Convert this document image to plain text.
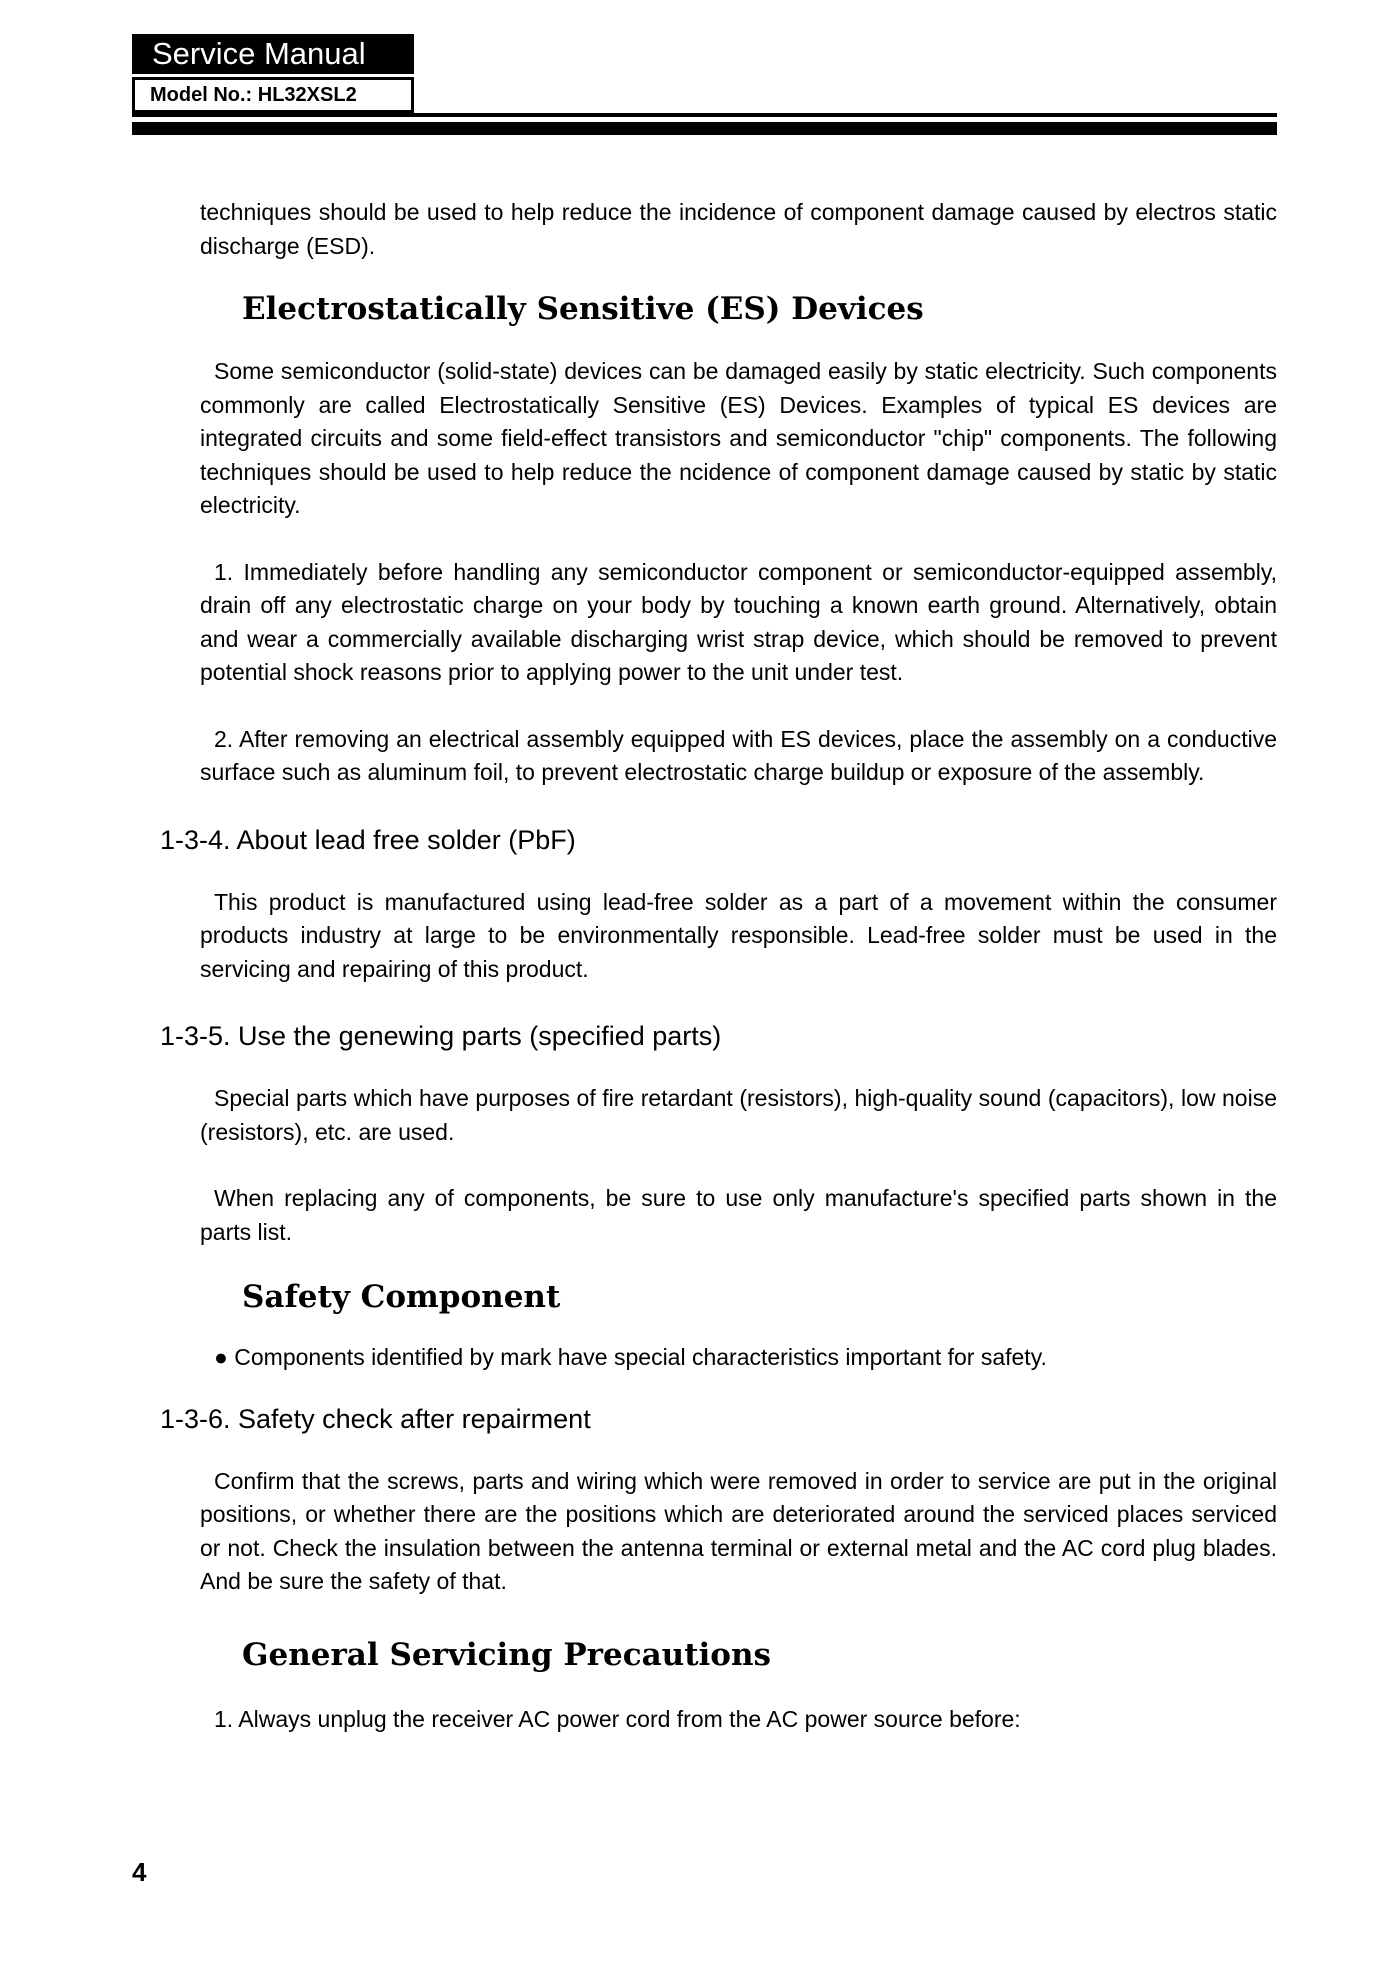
Service Manual
Model No.: HL32XSL2

techniques should be used to help reduce the incidence of component damage caused by electros static discharge (ESD).

Electrostatically Sensitive (ES) Devices

Some semiconductor (solid-state) devices can be damaged easily by static electricity. Such components commonly are called Electrostatically Sensitive (ES) Devices. Examples of typical ES devices are integrated circuits and some field-effect transistors and semiconductor "chip" components. The following techniques should be used to help reduce the ncidence of component damage caused by static by static electricity.

1. Immediately before handling any semiconductor component or semiconductor-equipped assembly, drain off any electrostatic charge on your body by touching a known earth ground. Alternatively, obtain and wear a commercially available discharging wrist strap device, which should be removed to prevent potential shock reasons prior to applying power to the unit under test.

2. After removing an electrical assembly equipped with ES devices, place the assembly on a conductive surface such as aluminum foil, to prevent electrostatic charge buildup or exposure of the assembly.

1-3-4. About lead free solder (PbF)

This product is manufactured using lead-free solder as a part of a movement within the consumer products industry at large to be environmentally responsible. Lead-free solder must be used in the servicing and repairing of this product.

1-3-5. Use the genewing parts (specified parts)

Special parts which have purposes of fire retardant (resistors), high-quality sound (capacitors), low noise (resistors), etc. are used.

When replacing any of components, be sure to use only manufacture's specified parts shown in the parts list.

Safety Component

● Components identified by mark have special characteristics important for safety.

1-3-6. Safety check after repairment

Confirm that the screws, parts and wiring which were removed in order to service are put in the original positions, or whether there are the positions which are deteriorated around the serviced places serviced or not. Check the insulation between the antenna terminal or external metal and the AC cord plug blades. And be sure the safety of that.

General Servicing Precautions

1. Always unplug the receiver AC power cord from the AC power source before:

4
